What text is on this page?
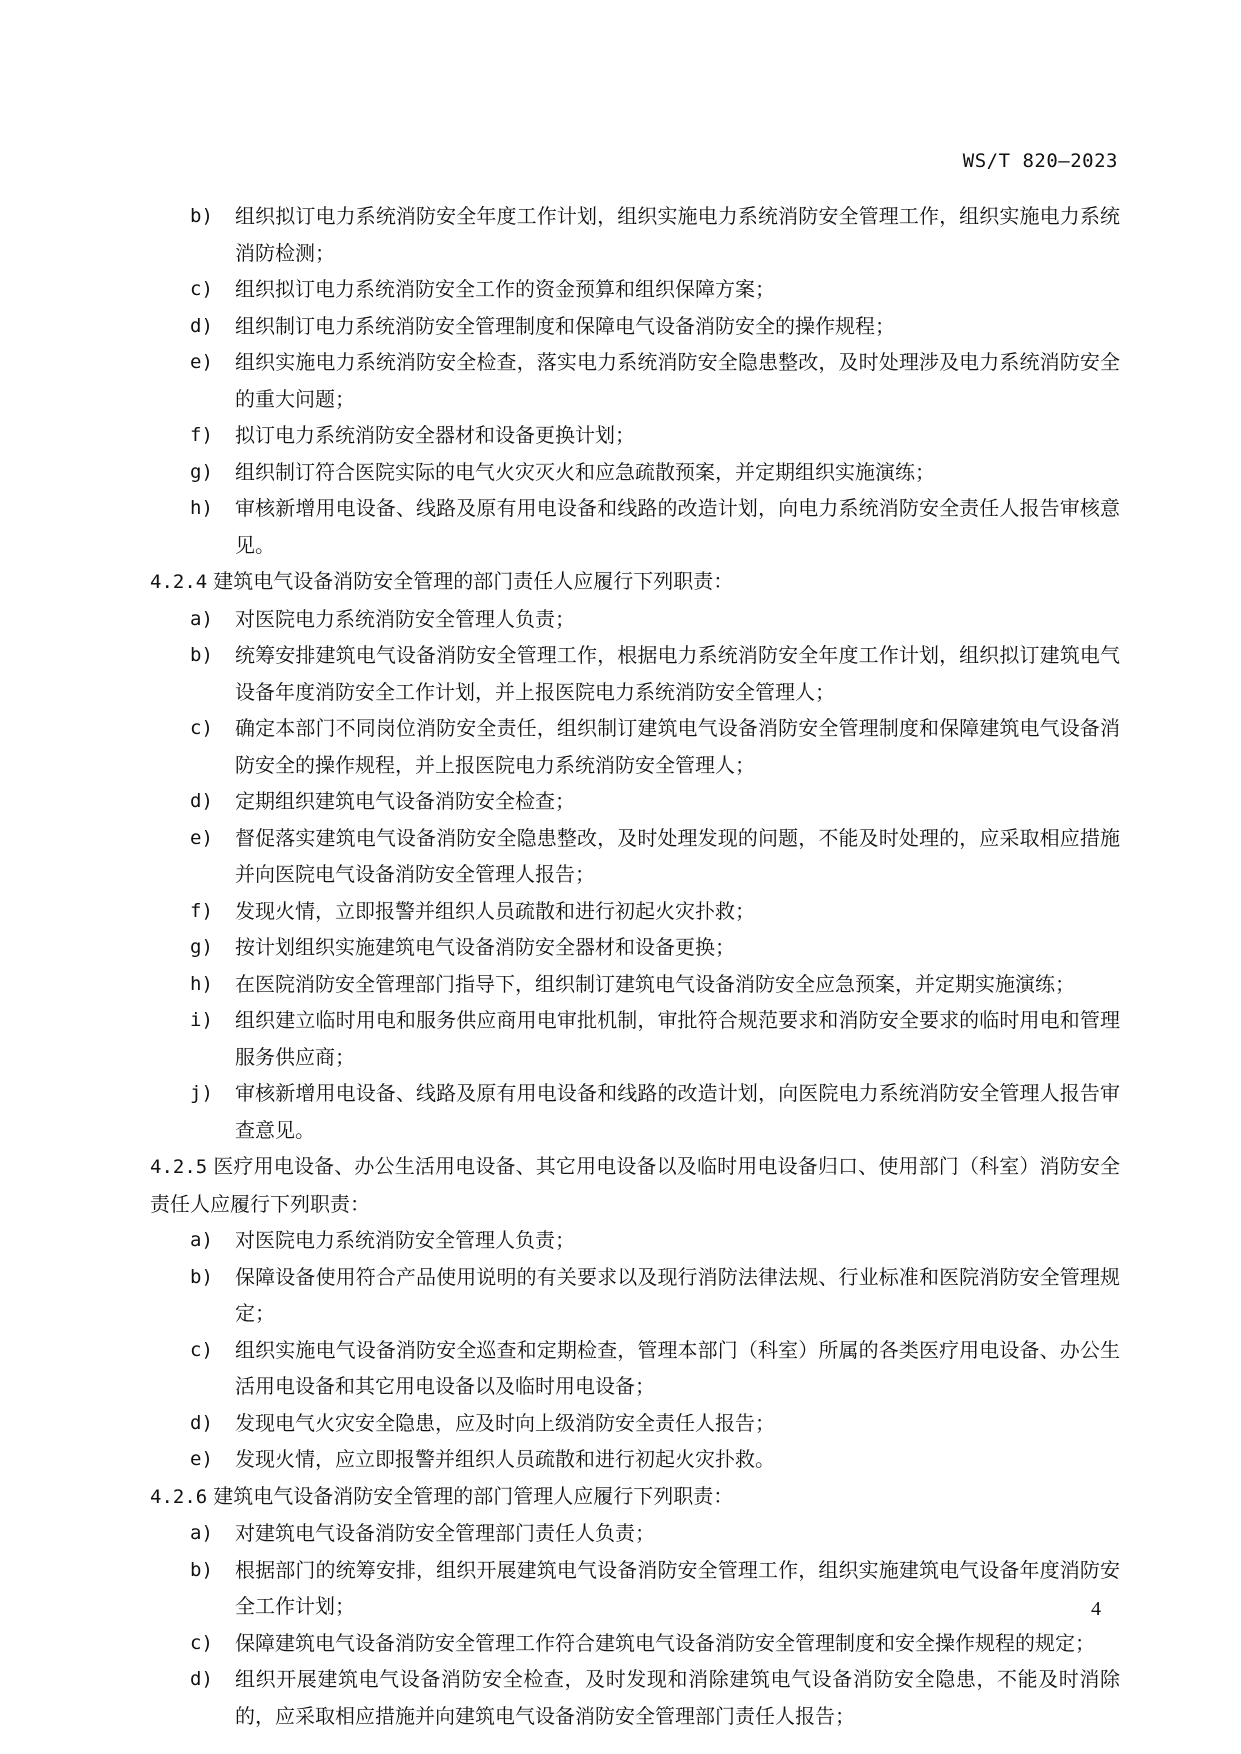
WS/T 820—2023
b)	组织拟订电力系统消防安全年度工作计划，组织实施电力系统消防安全管理工作，组织实施电力系统消防检测；
c)	组织拟订电力系统消防安全工作的资金预算和组织保障方案；
d)	组织制订电力系统消防安全管理制度和保障电气设备消防安全的操作规程；
e)	组织实施电力系统消防安全检查，落实电力系统消防安全隐患整改，及时处理涉及电力系统消防安全的重大问题；
f)	拟订电力系统消防安全器材和设备更换计划；
g)	组织制订符合医院实际的电气火灾灭火和应急疏散预案，并定期组织实施演练；
h)	审核新增用电设备、线路及原有用电设备和线路的改造计划，向电力系统消防安全责任人报告审核意见。
4.2.4 建筑电气设备消防安全管理的部门责任人应履行下列职责：
a)	对医院电力系统消防安全管理人负责；
b)	统筹安排建筑电气设备消防安全管理工作，根据电力系统消防安全年度工作计划，组织拟订建筑电气设备年度消防安全工作计划，并上报医院电力系统消防安全管理人；
c)	确定本部门不同岗位消防安全责任，组织制订建筑电气设备消防安全管理制度和保障建筑电气设备消防安全的操作规程，并上报医院电力系统消防安全管理人；
d)	定期组织建筑电气设备消防安全检查；
e)	督促落实建筑电气设备消防安全隐患整改，及时处理发现的问题，不能及时处理的，应采取相应措施并向医院电气设备消防安全管理人报告；
f)	发现火情，立即报警并组织人员疏散和进行初起火灾扑救；
g)	按计划组织实施建筑电气设备消防安全器材和设备更换；
h)	在医院消防安全管理部门指导下，组织制订建筑电气设备消防安全应急预案，并定期实施演练；
i)	组织建立临时用电和服务供应商用电审批机制，审批符合规范要求和消防安全要求的临时用电和管理服务供应商；
j)	审核新增用电设备、线路及原有用电设备和线路的改造计划，向医院电力系统消防安全管理人报告审查意见。
4.2.5 医疗用电设备、办公生活用电设备、其它用电设备以及临时用电设备归口、使用部门（科室）消防安全责任人应履行下列职责：
a)	对医院电力系统消防安全管理人负责；
b)	保障设备使用符合产品使用说明的有关要求以及现行消防法律法规、行业标准和医院消防安全管理规定；
c)	组织实施电气设备消防安全巡查和定期检查，管理本部门（科室）所属的各类医疗用电设备、办公生活用电设备和其它用电设备以及临时用电设备；
d)	发现电气火灾安全隐患，应及时向上级消防安全责任人报告；
e)	发现火情，应立即报警并组织人员疏散和进行初起火灾扑救。
4.2.6 建筑电气设备消防安全管理的部门管理人应履行下列职责：
a)	对建筑电气设备消防安全管理部门责任人负责；
b)	根据部门的统筹安排，组织开展建筑电气设备消防安全管理工作，组织实施建筑电气设备年度消防安全工作计划；
c)	保障建筑电气设备消防安全管理工作符合建筑电气设备消防安全管理制度和安全操作规程的规定；
d)	组织开展建筑电气设备消防安全检查，及时发现和消除建筑电气设备消防安全隐患，不能及时消除的，应采取相应措施并向建筑电气设备消防安全管理部门责任人报告；
4
